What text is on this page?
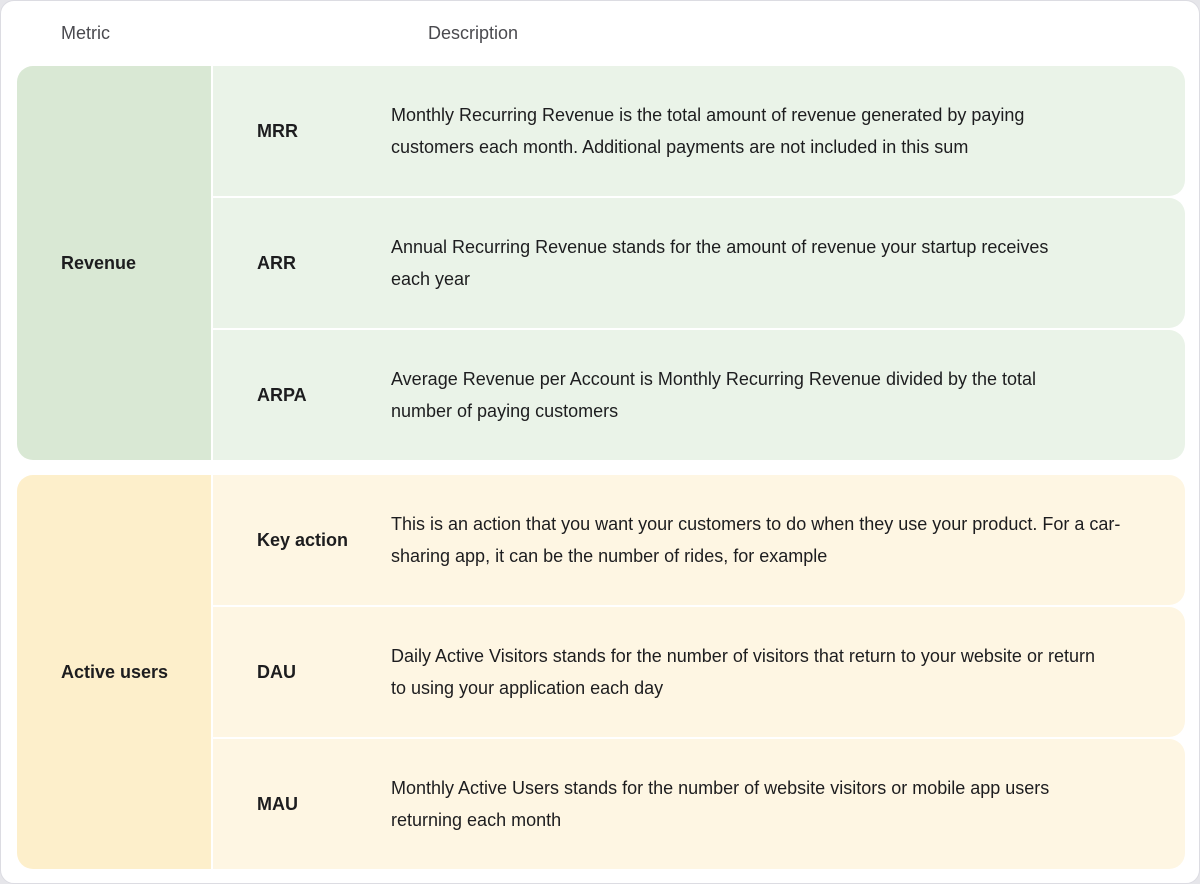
Metric	Description
Revenue
MRR
Monthly Recurring Revenue is the total amount of revenue generated by paying customers each month. Additional payments are not included in this sum
ARR
Annual Recurring Revenue stands for the amount of revenue your startup receives each year
ARPA
Average Revenue per Account is Monthly Recurring Revenue divided by the total number of paying customers
Active users
Key action
This is an action that you want your customers to do when they use your product. For a car-sharing app, it can be the number of rides, for example
DAU
Daily Active Visitors stands for the number of visitors that return to your website or return to using your application each day
MAU
Monthly Active Users stands for the number of website visitors or mobile app users returning each month
